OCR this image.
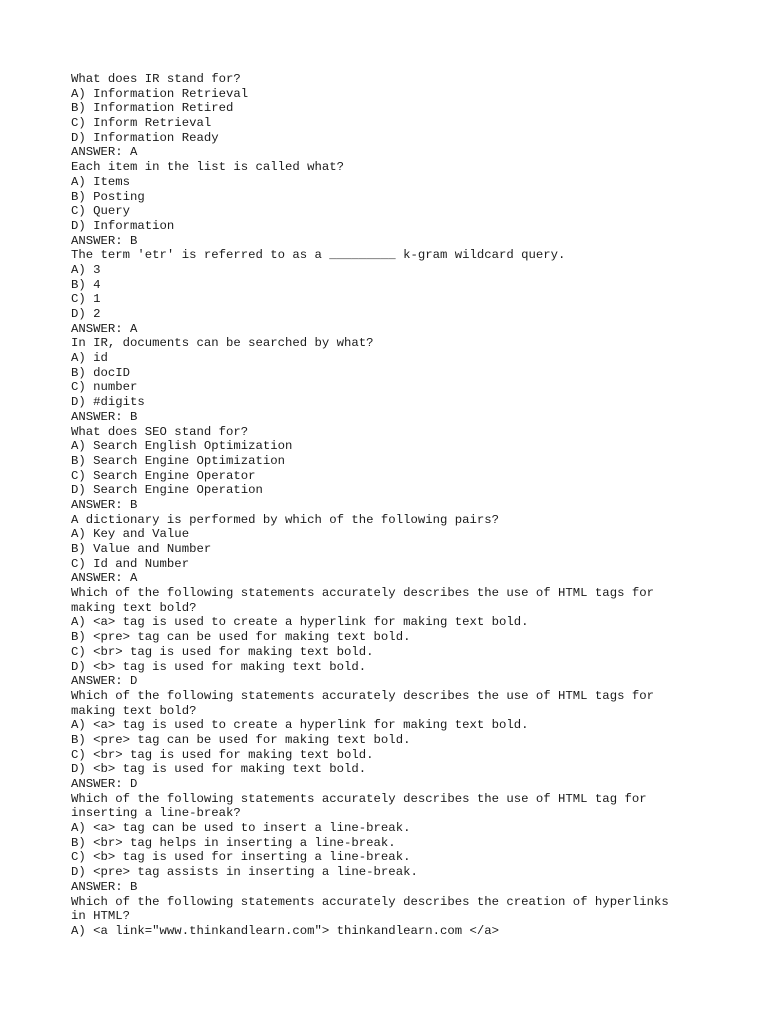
What does IR stand for?
A) Information Retrieval
B) Information Retired
C) Inform Retrieval
D) Information Ready
ANSWER: A
Each item in the list is called what?
A) Items
B) Posting
C) Query
D) Information
ANSWER: B
The term 'etr' is referred to as a _________ k-gram wildcard query.
A) 3
B) 4
C) 1
D) 2
ANSWER: A
In IR, documents can be searched by what?
A) id
B) docID
C) number
D) #digits
ANSWER: B
What does SEO stand for?
A) Search English Optimization
B) Search Engine Optimization
C) Search Engine Operator
D) Search Engine Operation
ANSWER: B
A dictionary is performed by which of the following pairs?
A) Key and Value
B) Value and Number
C) Id and Number
ANSWER: A
Which of the following statements accurately describes the use of HTML tags for
making text bold?
A) <a> tag is used to create a hyperlink for making text bold.
B) <pre> tag can be used for making text bold.
C) <br> tag is used for making text bold.
D) <b> tag is used for making text bold.
ANSWER: D
Which of the following statements accurately describes the use of HTML tags for
making text bold?
A) <a> tag is used to create a hyperlink for making text bold.
B) <pre> tag can be used for making text bold.
C) <br> tag is used for making text bold.
D) <b> tag is used for making text bold.
ANSWER: D
Which of the following statements accurately describes the use of HTML tag for
inserting a line-break?
A) <a> tag can be used to insert a line-break.
B) <br> tag helps in inserting a line-break.
C) <b> tag is used for inserting a line-break.
D) <pre> tag assists in inserting a line-break.
ANSWER: B
Which of the following statements accurately describes the creation of hyperlinks
in HTML?
A) <a link="www.thinkandlearn.com"> thinkandlearn.com </a>
